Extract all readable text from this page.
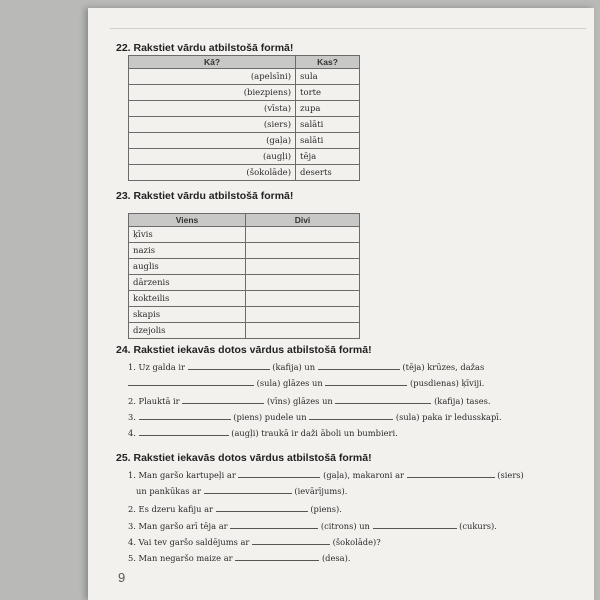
22. Rakstiet vārdu atbilstošā formā!
Kā?	Kas?
(apelsīni)	sula
(biezpiens)	torte
(vīsta)	zupa
(siers)	salāti
(gaļa)	salāti
(augļi)	tēja
(šokolāde)	deserts
23. Rakstiet vārdu atbilstošā formā!
Viens	Divi
ķīvis	
nazis	
auglis	
dārzenis	
kokteilis	
skapis	
dzejolis	
24. Rakstiet iekavās dotos vārdus atbilstošā formā!
1. Uz galda ir	(kafija) un	(tēja) krūzes, dažas
(sula) glāzes un	(pusdienas) ķīviji.
2. Plauktā ir	(vīns) glāzes un	(kafija) tases.
3.	(piens) pudele un	(sula) paka ir ledusskapī.
4.	(augļi) traukā ir daži āboli un bumbieri.
25. Rakstiet iekavās dotos vārdus atbilstošā formā!
1. Man garšo kartupeļi ar	(gaļa), makaroni ar	(siers)
un pankūkas ar	(ievārījums).
2. Es dzeru kafiju ar	(piens).
3. Man garšo arī tēja ar	(citrons) un	(cukurs).
4. Vai tev garšo saldējums ar	(šokolāde)?
5. Man negaršo maize ar	(desa).
9
